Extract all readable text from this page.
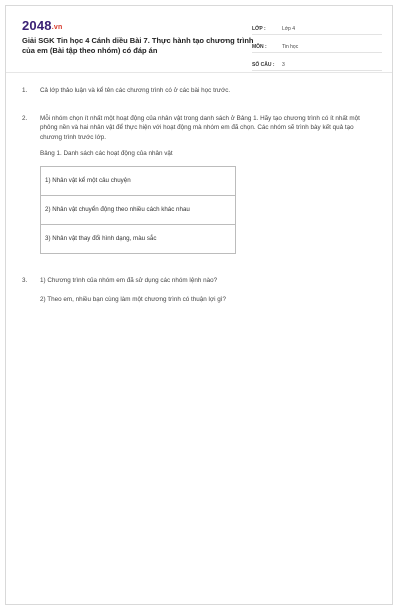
2048.vn
Giải SGK Tin học 4 Cánh diều Bài 7. Thực hành tạo chương trình của em (Bài tập theo nhóm) có đáp án
LỚP :	Lớp 4
MÔN :	Tin học
SỐ CÂU :	3
1.	Cả lớp thảo luận và kể tên các chương trình có ở các bài học trước.
2.	Mỗi nhóm chọn ít nhất một hoạt động của nhân vật trong danh sách ở Bảng 1. Hãy tạo chương trình có ít nhất một phông nền và hai nhân vật để thực hiện với hoạt động mà nhóm em đã chọn. Các nhóm sẽ trình bày kết quả tạo chương trình trước lớp.
Bảng 1. Danh sách các hoạt động của nhân vật
1) Nhân vật kể một câu chuyện
2) Nhân vật chuyển động theo nhiều cách khác nhau
3) Nhân vật thay đổi hình dạng, màu sắc
3.	1) Chương trình của nhóm em đã sử dụng các nhóm lệnh nào?
2) Theo em, nhiều bạn cùng làm một chương trình có thuận lợi gì?
